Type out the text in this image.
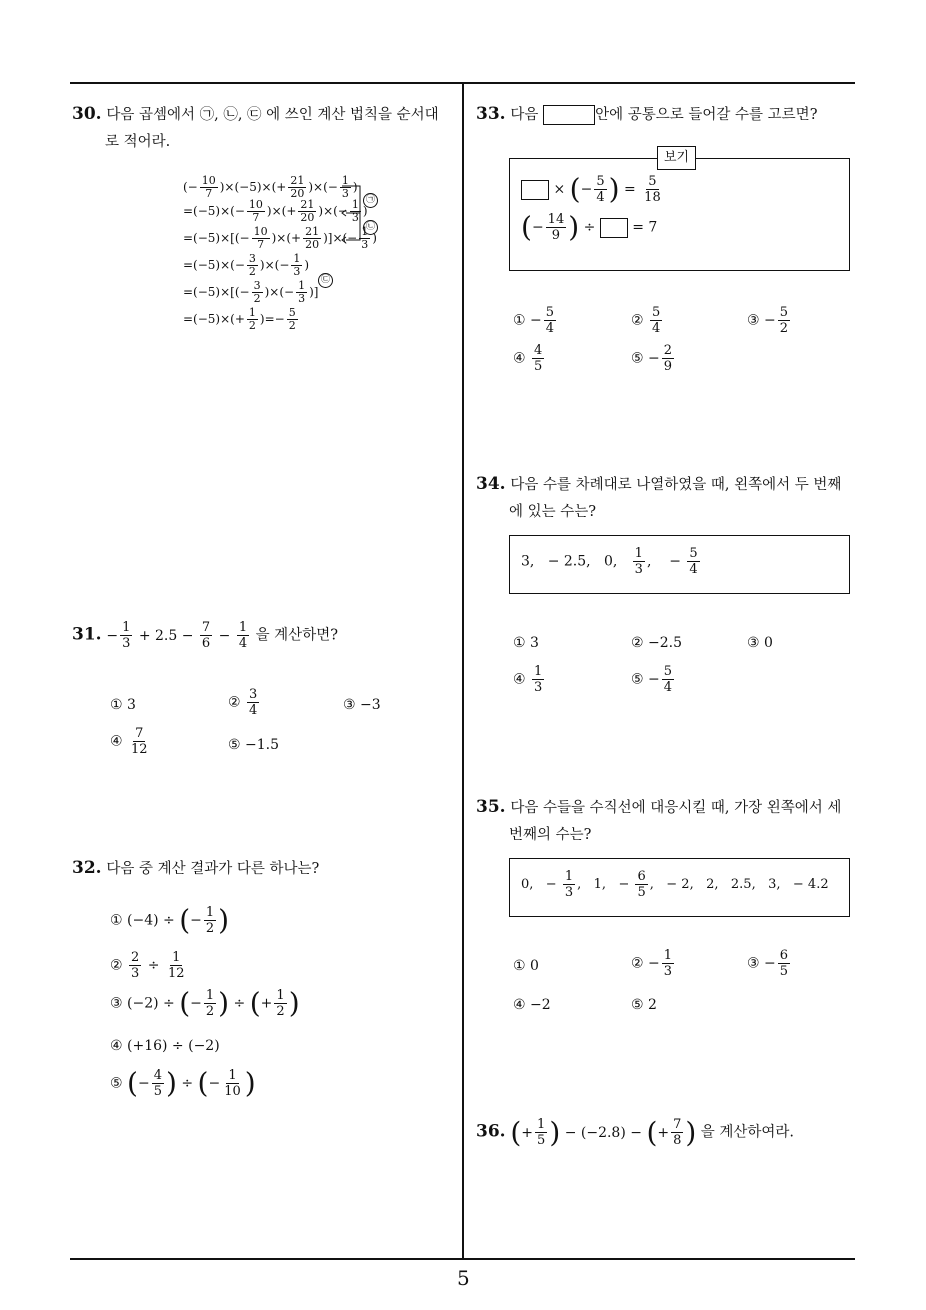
5
30. 다음 곱셈에서 ㉠, ㉡, ㉢ 에 쓰인 계산 법칙을 순서대
로 적어라.
(− $\frac{10}{7} )\times(-5)\times(+ \frac{21}{20}$ )×(− $\frac{1}{3}$ )
$=(-5)\times(- \frac{10}{7}$ )×(+ $\frac{21}{20}$ )×(− $\frac{1}{3}$ )
$=(-5)\times[(- \frac{10}{7}$ )×(+ $\frac{21}{20}$ )]×(− $\frac{1}{3}$ )
$=(-5)\times(- \frac{3}{2}$ )×(− $\frac{1}{3}$ )
$=(-5)\times[(- \frac{3}{2}$ )×(− $\frac{1}{3}$ )]
$=(-5)\times(+ \frac{1}{2}$ )=− $\frac{5}{2}$
㉠
㉡
㉢
31. − $\frac{1}{3} + 2.5 - \frac{7}{6} - \frac{1}{4}$ 을 계산하면?
① 3	② $\frac{3}{4}$	③ −3
④ $\frac{7}{12}$	⑤ −1.5
32. 다음 중 계산 결과가 다른 하나는?
① (−4) ÷ (− $\frac{1}{2}$ )
② $\frac{2}{3} \div \frac{1}{12}$
③ (−2) ÷ (− $\frac{1}{2}$ ) ÷ (+ $\frac{1}{2}$ )
④ (+16) ÷ (−2)
⑤ (− $\frac{4}{5}$ ) ÷ (− $\frac{1}{10}$ )
33. 다음	안에 공통으로 들어갈 수를 고르면?
보기
× (− $\frac{5}{4}$ ) = $\frac{5}{18}$
(− $\frac{14}{9}$ ) ÷  = 7
① − $\frac{5}{4}$	② $\frac{5}{4}$	③ − $\frac{5}{2}$
④ $\frac{4}{5}$	⑤ − $\frac{2}{9}$
34. 다음 수를 차례대로 나열하였을 때, 왼쪽에서 두 번째
에 있는 수는?
3,   − 2.5,   0, $\frac{1}{3}$ ,    − $\frac{5}{4}$
① 3	② −2.5	③ 0
④ $\frac{1}{3}$	⑤ − $\frac{5}{4}$
35. 다음 수들을 수직선에 대응시킬 때, 가장 왼쪽에서 세
번째의 수는?
0,   − $\frac{1}{3}$ ,   1,   − $\frac{6}{5}$ ,   − 2,   2,   2.5,   3,   − 4.2
① 0	② − $\frac{1}{3}$	③ − $\frac{6}{5}$
④ −2	⑤ 2
36. (+ $\frac{1}{5}$ ) − (−2.8) − (+ $\frac{7}{8}$ ) 을 계산하여라.
